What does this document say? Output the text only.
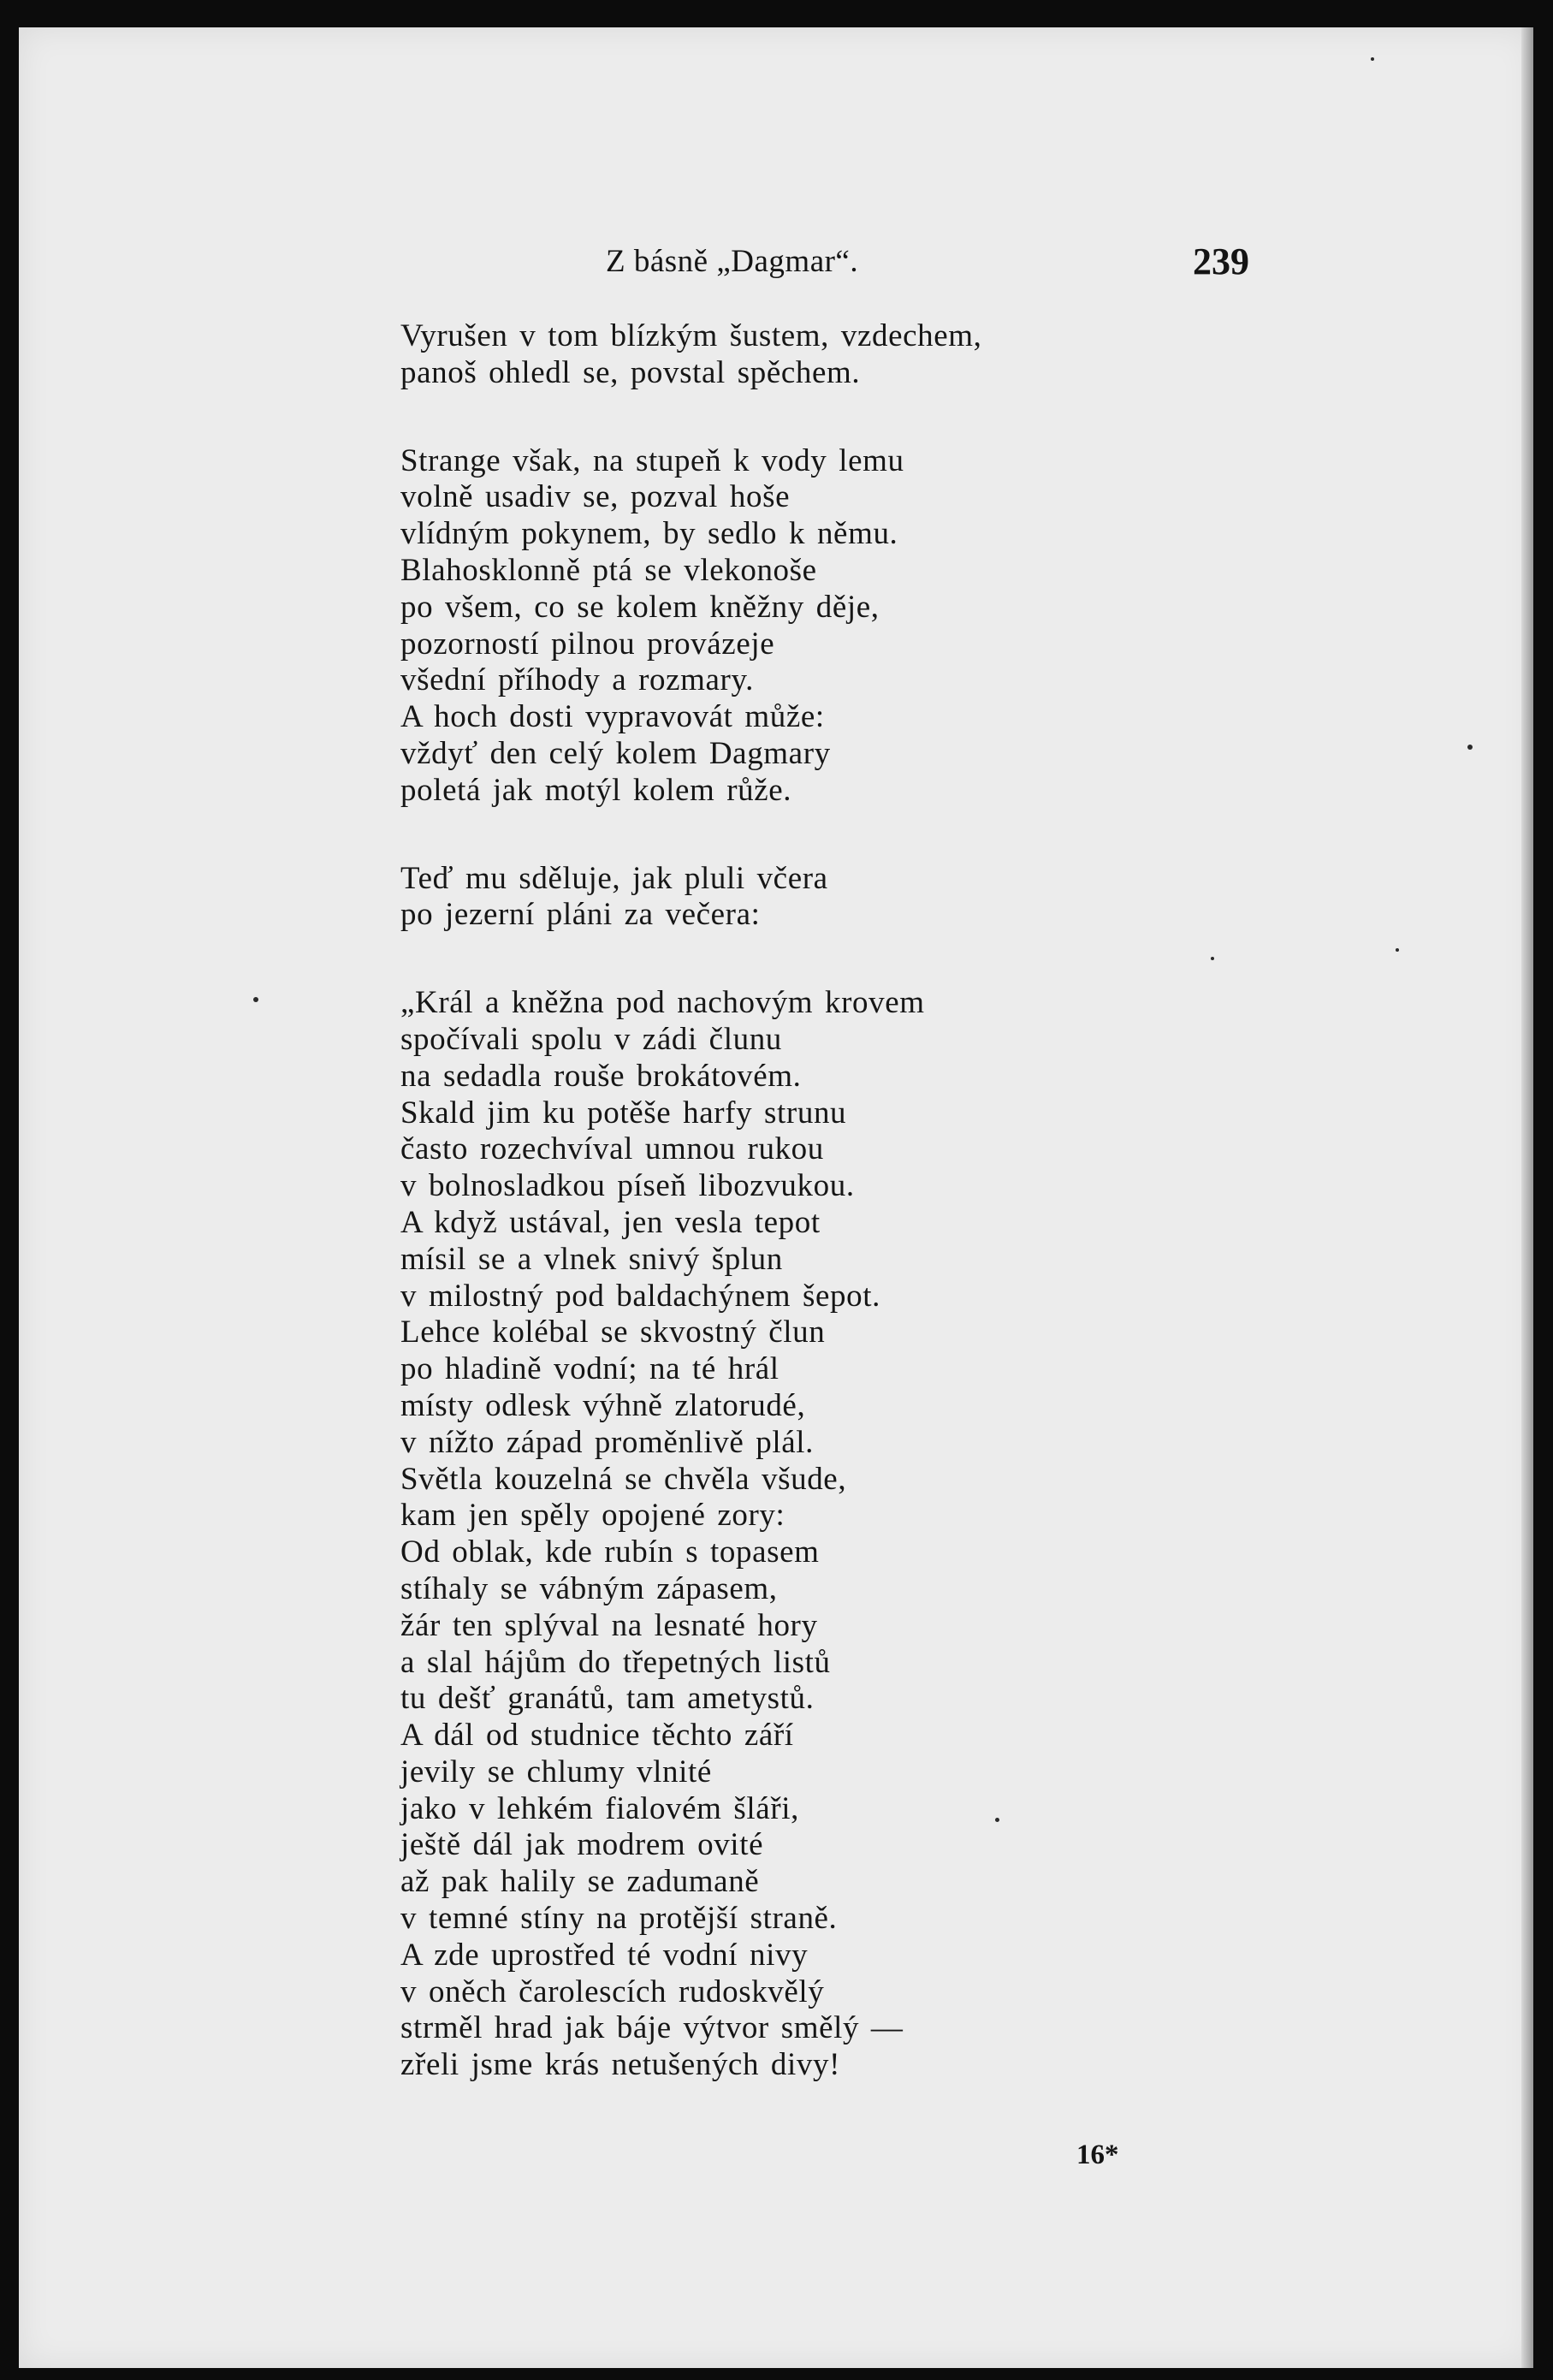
Z básně „Dagmar“.	239
Vyrušen v tom blízkým šustem, vzdechem,
panoš ohledl se, povstal spěchem.
Strange však, na stupeň k vody lemu
volně usadiv se, pozval hoše
vlídným pokynem, by sedlo k němu.
Blahosklonně ptá se vlekonoše
po všem, co se kolem kněžny děje,
pozorností pilnou provázeje
všední příhody a rozmary.
A hoch dosti vypravovát může:
vždyť den celý kolem Dagmary
poletá jak motýl kolem růže.
Teď mu sděluje, jak pluli včera
po jezerní pláni za večera:
„Král a kněžna pod nachovým krovem
spočívali spolu v zádi člunu
na sedadla rouše brokátovém.
Skald jim ku potěše harfy strunu
často rozechvíval umnou rukou
v bolnosladkou píseň libozvukou.
A když ustával, jen vesla tepot
mísil se a vlnek snivý šplun
v milostný pod baldachýnem šepot.
Lehce kolébal se skvostný člun
po hladině vodní; na té hrál
místy odlesk výhně zlatorudé,
v nížto západ proměnlivě plál.
Světla kouzelná se chvěla všude,
kam jen spěly opojené zory:
Od oblak, kde rubín s topasem
stíhaly se vábným zápasem,
žár ten splýval na lesnaté hory
a slal hájům do třepetných listů
tu dešť granátů, tam ametystů.
A dál od studnice těchto září
jevily se chlumy vlnité
jako v lehkém fialovém šláři,
ještě dál jak modrem ovité
až pak halily se zadumaně
v temné stíny na protější straně.
A zde uprostřed té vodní nivy
v oněch čarolescích rudoskvělý
strměl hrad jak báje výtvor smělý —
zřeli jsme krás netušených divy!
16*
